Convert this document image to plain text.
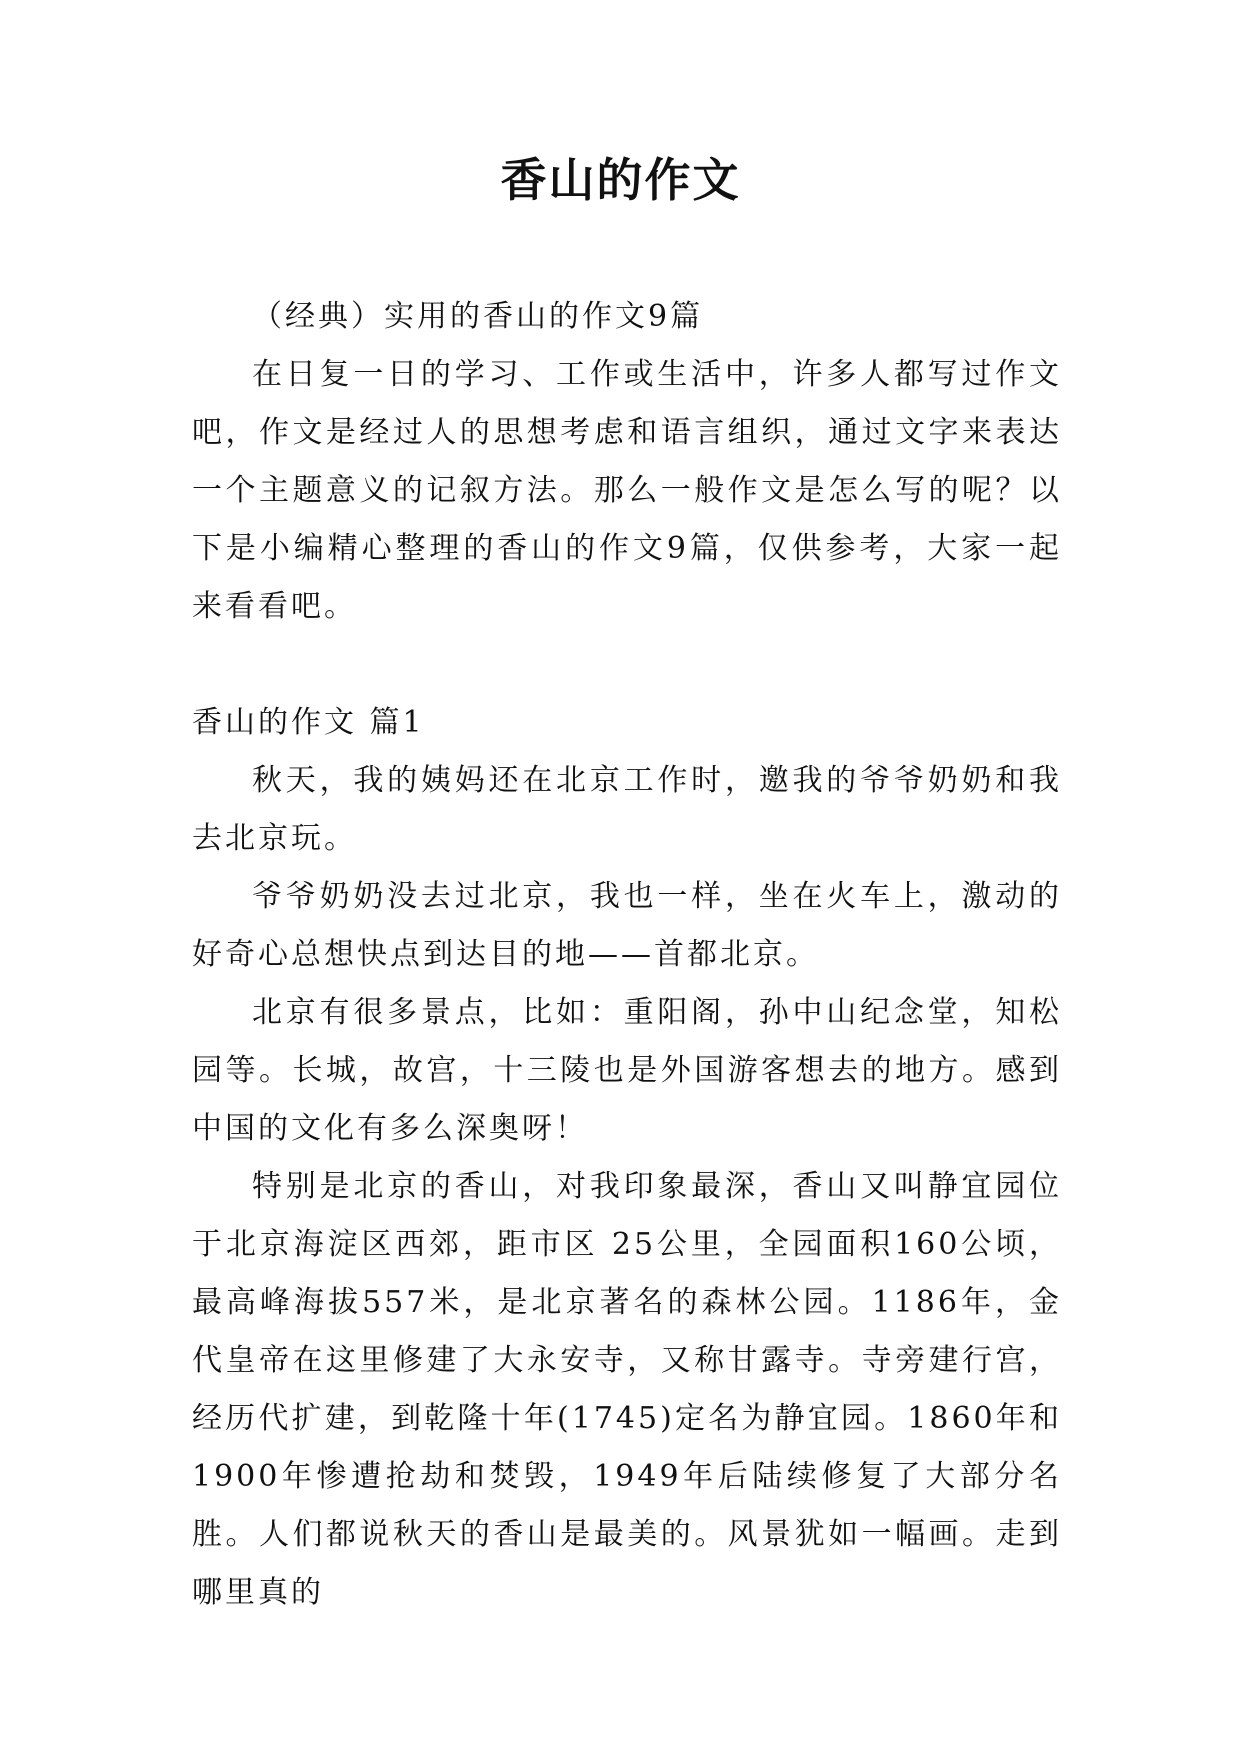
香山的作文

（经典）实用的香山的作文9篇

在日复一日的学习、工作或生活中，许多人都写过作文吧，作文是经过人的思想考虑和语言组织，通过文字来表达一个主题意义的记叙方法。那么一般作文是怎么写的呢？以下是小编精心整理的香山的作文9篇，仅供参考，大家一起来看看吧。

香山的作文 篇1

秋天，我的姨妈还在北京工作时，邀我的爷爷奶奶和我去北京玩。

爷爷奶奶没去过北京，我也一样，坐在火车上，激动的好奇心总想快点到达目的地——首都北京。

北京有很多景点，比如：重阳阁，孙中山纪念堂，知松园等。长城，故宫，十三陵也是外国游客想去的地方。感到中国的文化有多么深奥呀！

特别是北京的香山，对我印象最深，香山又叫静宜园位于北京海淀区西郊，距市区 25公里，全园面积160公顷，最高峰海拔557米，是北京著名的森林公园。1186年，金代皇帝在这里修建了大永安寺，又称甘露寺。寺旁建行宫，经历代扩建，到乾隆十年(1745)定名为静宜园。1860年和1900年惨遭抢劫和焚毁，1949年后陆续修复了大部分名胜。人们都说秋天的香山是最美的。风景犹如一幅画。走到哪里真的
